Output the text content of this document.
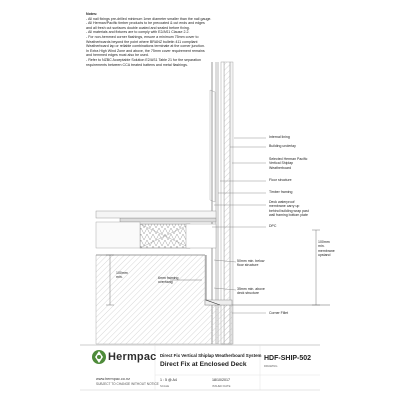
Notes:
- All nail fixings pre-drilled minimum 1mm diameter smaller than the nail gauge.
- All Herman/Pacific timber products to be precoated & cut ends and edges
and all fresh cut surfaces double coated and sealed before fixing.
- All materials and fixtures are to comply with E2/AS1 Clause 2.2.
- For non-hemmed corner flashings, ensure a minimum 75mm cover to
Weatherboards beyond the point where BRANZ bulletin 411 compliant
Weatherboard lap or reliable combinations terminate at the corner junction.
In Extra High Wind Zone and above, the 75mm cover requirement remains
and hemmed edges must also be used.
- Refer to NZBC Acceptable Solution E2/AS1 Table 21 for the separation
requirements between CCA treated battens and metal flashings.
Internal lining
Building underlay
Selected Herman Pacific
Vertical Shiplap
Weatherboard
Floor structure
Timber framing
Deck waterproof
membrane carry up
behind building wrap past
wall framing bottom plate
DPC
100mm
min.
membrane
upstand
50mm min. below
floor structure
35mm min. above
deck structure
100mm
min.	6mm framing
overhang
Corner Fillet
Hermpac
www.hermpac.co.nz
SUBJECT TO CHANGE WITHOUT NOTICE
Direct Fix Vertical Shiplap Weatherboard System
Direct Fix at Enclosed Deck
HDF-SHIP-502
DRAWING
1 : 5 @ A4
SCALE
18/10/2017
ISSUED DATE
